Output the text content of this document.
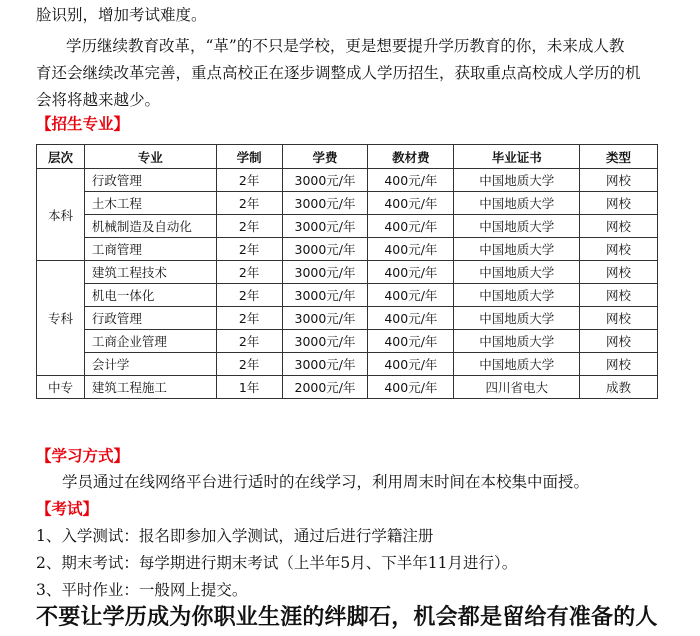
脸识别，增加考试难度。
学历继续教育改革，“革”的不只是学校，更是想要提升学历教育的你，未来成人教
育还会继续改革完善，重点高校正在逐步调整成人学历招生，获取重点高校成人学历的机
会将将越来越少。
【招生专业】
层次	专业	学制	学费	教材费	毕业证书	类型
本科	行政管理	2年	3000元/年	400元/年	中国地质大学	网校
	土木工程	2年	3000元/年	400元/年	中国地质大学	网校
	机械制造及自动化	2年	3000元/年	400元/年	中国地质大学	网校
	工商管理	2年	3000元/年	400元/年	中国地质大学	网校
专科	建筑工程技术	2年	3000元/年	400元/年	中国地质大学	网校
	机电一体化	2年	3000元/年	400元/年	中国地质大学	网校
	行政管理	2年	3000元/年	400元/年	中国地质大学	网校
	工商企业管理	2年	3000元/年	400元/年	中国地质大学	网校
	会计学	2年	3000元/年	400元/年	中国地质大学	网校
中专	建筑工程施工	1年	2000元/年	400元/年	四川省电大	成教
【学习方式】
学员通过在线网络平台进行适时的在线学习，利用周末时间在本校集中面授。
【考试】
1、入学测试：报名即参加入学测试，通过后进行学籍注册
2、期末考试：每学期进行期末考试（上半年5月、下半年11月进行）。
3、平时作业：一般网上提交。
不要让学历成为你职业生涯的绊脚石，机会都是留给有准备的人
